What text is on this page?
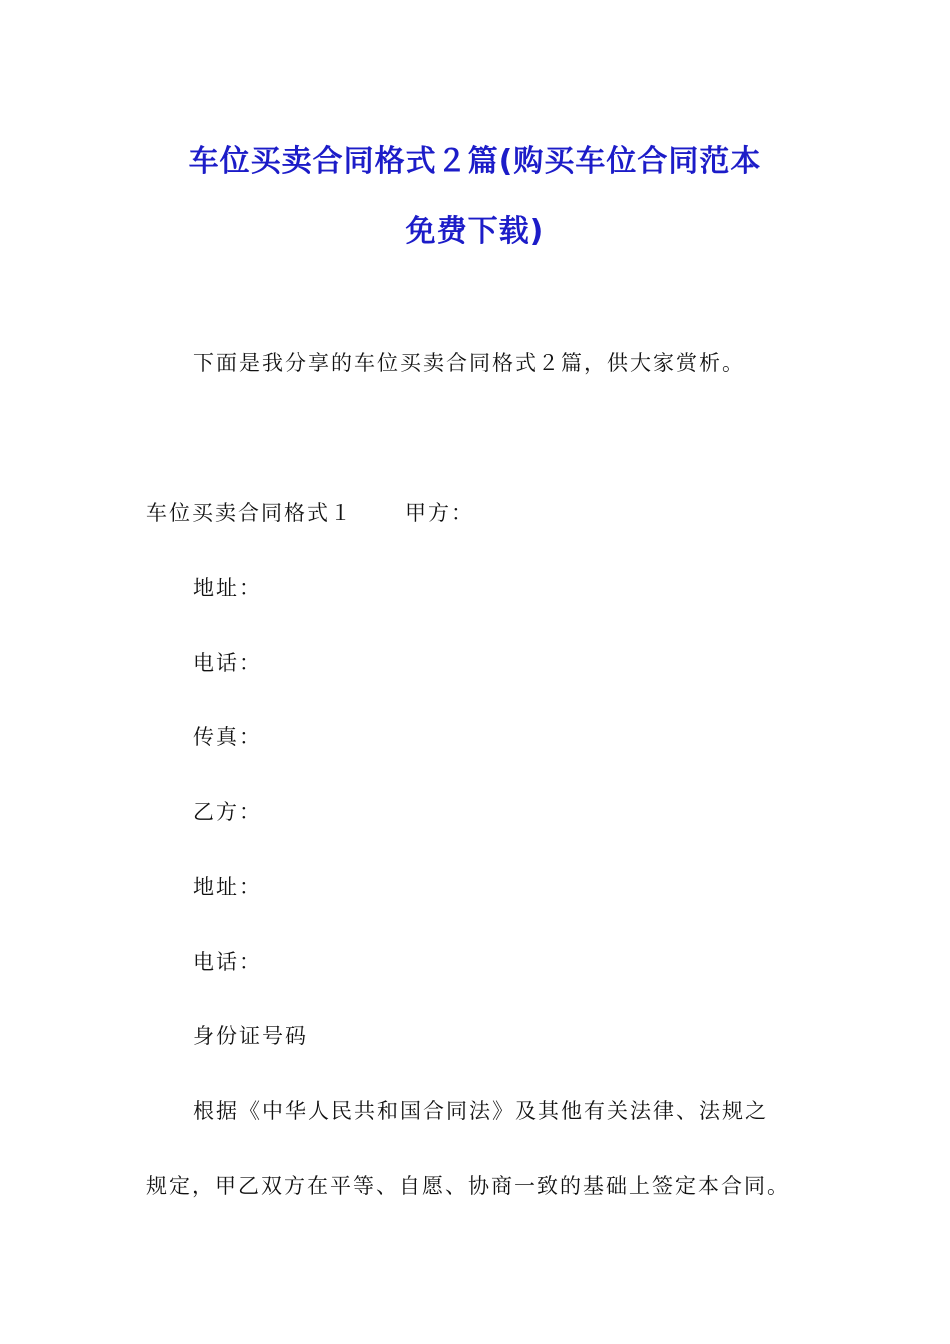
车位买卖合同格式２篇(购买车位合同范本
免费下载)
下面是我分享的车位买卖合同格式２篇，供大家赏析。
车位买卖合同格式１ 甲方：
地址：
电话：
传真：
乙方：
地址：
电话：
身份证号码
根据《中华人民共和国合同法》及其他有关法律、法规之
规定，甲乙双方在平等、自愿、协商一致的基础上签定本合同。
